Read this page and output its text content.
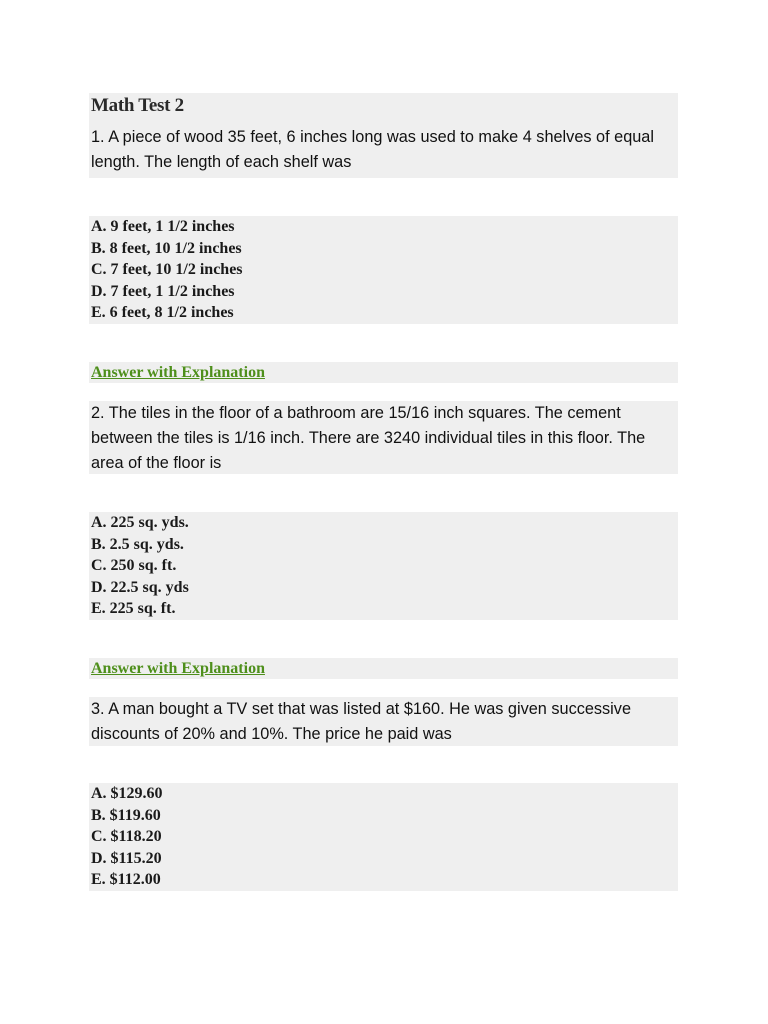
Math Test 2
1. A piece of wood 35 feet, 6 inches long was used to make 4 shelves of equal length. The length of each shelf was
A. 9 feet, 1 1/2 inches
B. 8 feet, 10 1/2 inches
C. 7 feet, 10 1/2 inches
D. 7 feet, 1 1/2 inches
E. 6 feet, 8 1/2 inches
Answer with Explanation
2. The tiles in the floor of a bathroom are 15/16 inch squares. The cement between the tiles is 1/16 inch. There are 3240 individual tiles in this floor. The area of the floor is
A. 225 sq. yds.
B. 2.5 sq. yds.
C. 250 sq. ft.
D. 22.5 sq. yds
E. 225 sq. ft.
Answer with Explanation
3. A man bought a TV set that was listed at $160. He was given successive discounts of 20% and 10%. The price he paid was
A. $129.60
B. $119.60
C. $118.20
D. $115.20
E. $112.00
